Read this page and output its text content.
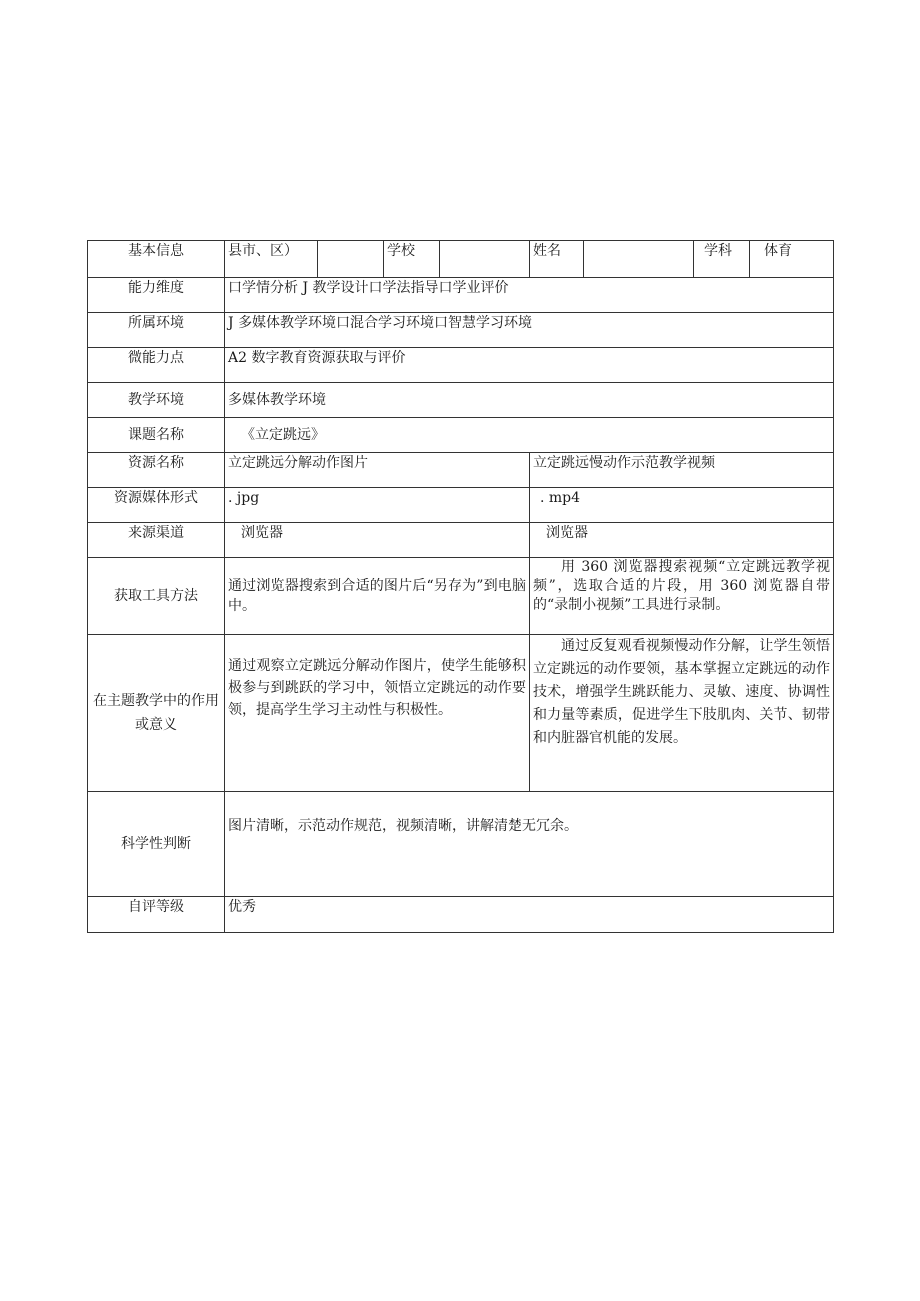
基本信息	县市、区）		学校		姓名		学科	体育
能力维度	口学情分析 J 教学设计口学法指导口学业评价							
所属环境	J 多媒体教学环境口混合学习环境口智慧学习环境							
微能力点	A2 数字教育资源获取与评价							
教学环境	多媒体教学环境							
课题名称	《立定跳远》							
资源名称	立定跳远分解动作图片				立定跳远慢动作示范教学视频			
资源媒体形式	. jpg				. mp4			
来源渠道	浏览器				浏览器			
获取工具方法	通过浏览器搜索到合适的图片后“另存为”到电脑中。				用 360 浏览器搜索视频“立定跳远教学视频”，选取合适的片段，用 360 浏览器自带的“录制小视频”工具进行录制。			
在主题教学中的作用或意义	通过观察立定跳远分解动作图片，使学生能够积极参与到跳跃的学习中，领悟立定跳远的动作要领，提高学生学习主动性与积极性。				通过反复观看视频慢动作分解，让学生领悟立定跳远的动作要领，基本掌握立定跳远的动作技术，增强学生跳跃能力、灵敏、速度、协调性和力量等素质，促进学生下肢肌肉、关节、韧带和内脏器官机能的发展。			
科学性判断	图片清晰，示范动作规范，视频清晰，讲解清楚无冗余。							
自评等级	优秀							
